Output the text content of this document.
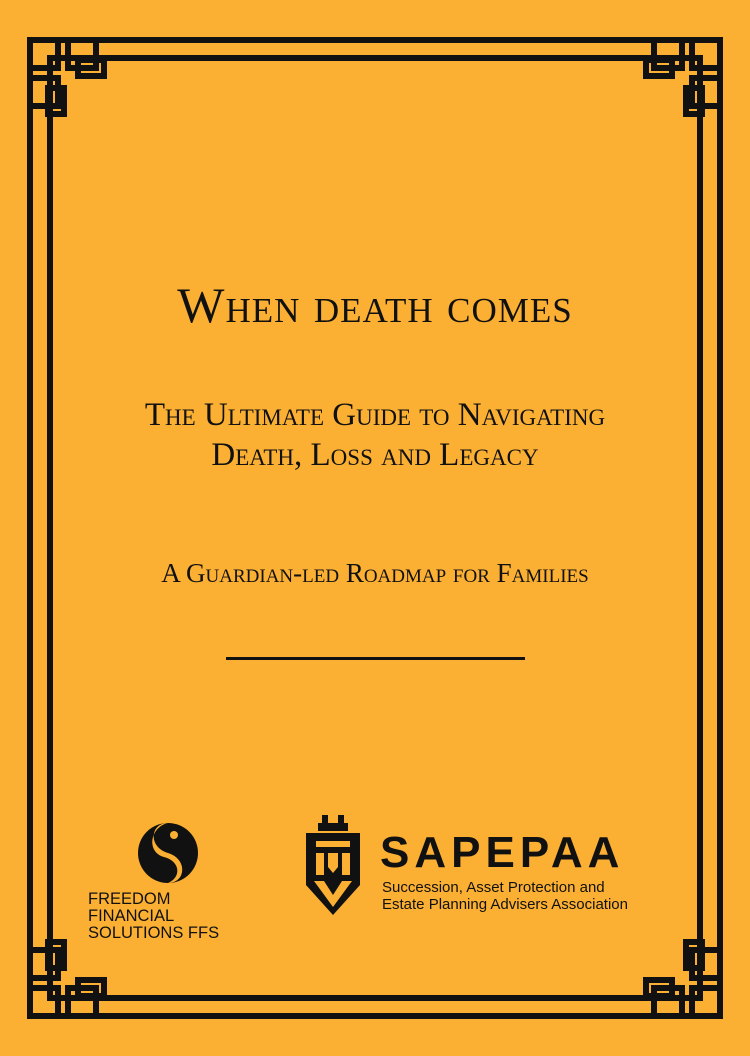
When death comes
The Ultimate Guide to Navigating
Death, Loss and Legacy
A Guardian-led Roadmap for Families
FREEDOM FINANCIAL
SOLUTIONS FFS
SAPEPAA
Succession, Asset Protection and
Estate Planning Advisers Association
